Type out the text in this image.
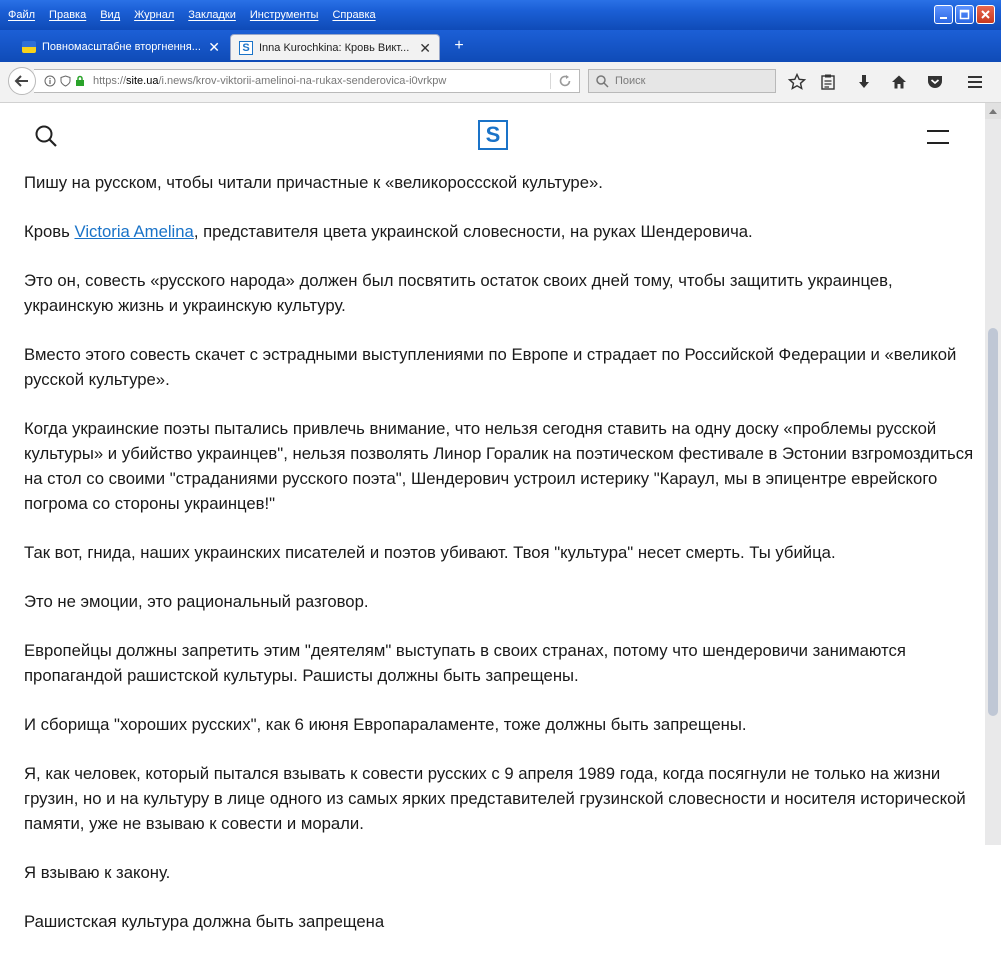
Файл Правка Вид Журнал Закладки Инструменты Справка
Повномасштабне вторгнення... ✕	S Inna Kurochkina: Кровь Викт... ✕ +
https://site.ua/i.news/krov-viktorii-amelinoi-na-rukax-senderovica-i0vrkpw	Поиск
S

Пишу на русском, чтобы читали причастные к «великороссcкой культуре».

Кровь Victoria Amelina, представителя цвета украинской словесности, на руках Шендеровича.

Это он, совесть «русского народа» должен был посвятить остаток своих дней тому, чтобы защитить украинцев, украинскую жизнь и украинскую культуру.

Вместо этого совесть скачет с эстрадными выступлениями по Европе и страдает по Российской Федерации и «великой русской культуре».

Когда украинские поэты пытались привлечь внимание, что нельзя сегодня ставить на одну доску «проблемы русской культуры» и убийство украинцев", нельзя позволять Линор Горалик на поэтическом фестивале в Эстонии взгромоздиться на стол со своими "страданиями русского поэта", Шендерович устроил истерику "Караул, мы в эпицентре еврейского погрома со стороны украинцев!"

Так вот, гнида, наших украинских писателей и поэтов убивают. Твоя "культура" несет смерть. Ты убийца.

Это не эмоции, это рациональный разговор.

Европейцы должны запретить этим "деятелям" выступать в своих странах, потому что шендеровичи занимаются пропагандой рашистской культуры. Рашисты должны быть запрещены.

И сборища "хороших русских", как 6 июня Европараламенте, тоже должны быть запрещены.

Я, как человек, который пытался взывать к совести русских с 9 апреля 1989 года, когда посягнули не только на жизни грузин, но и на культуру в лице одного из самых ярких представителей грузинской словесности и носителя исторической памяти, уже не взываю к совести и морали.

Я взываю к закону.

Рашистская культура должна быть запрещена
